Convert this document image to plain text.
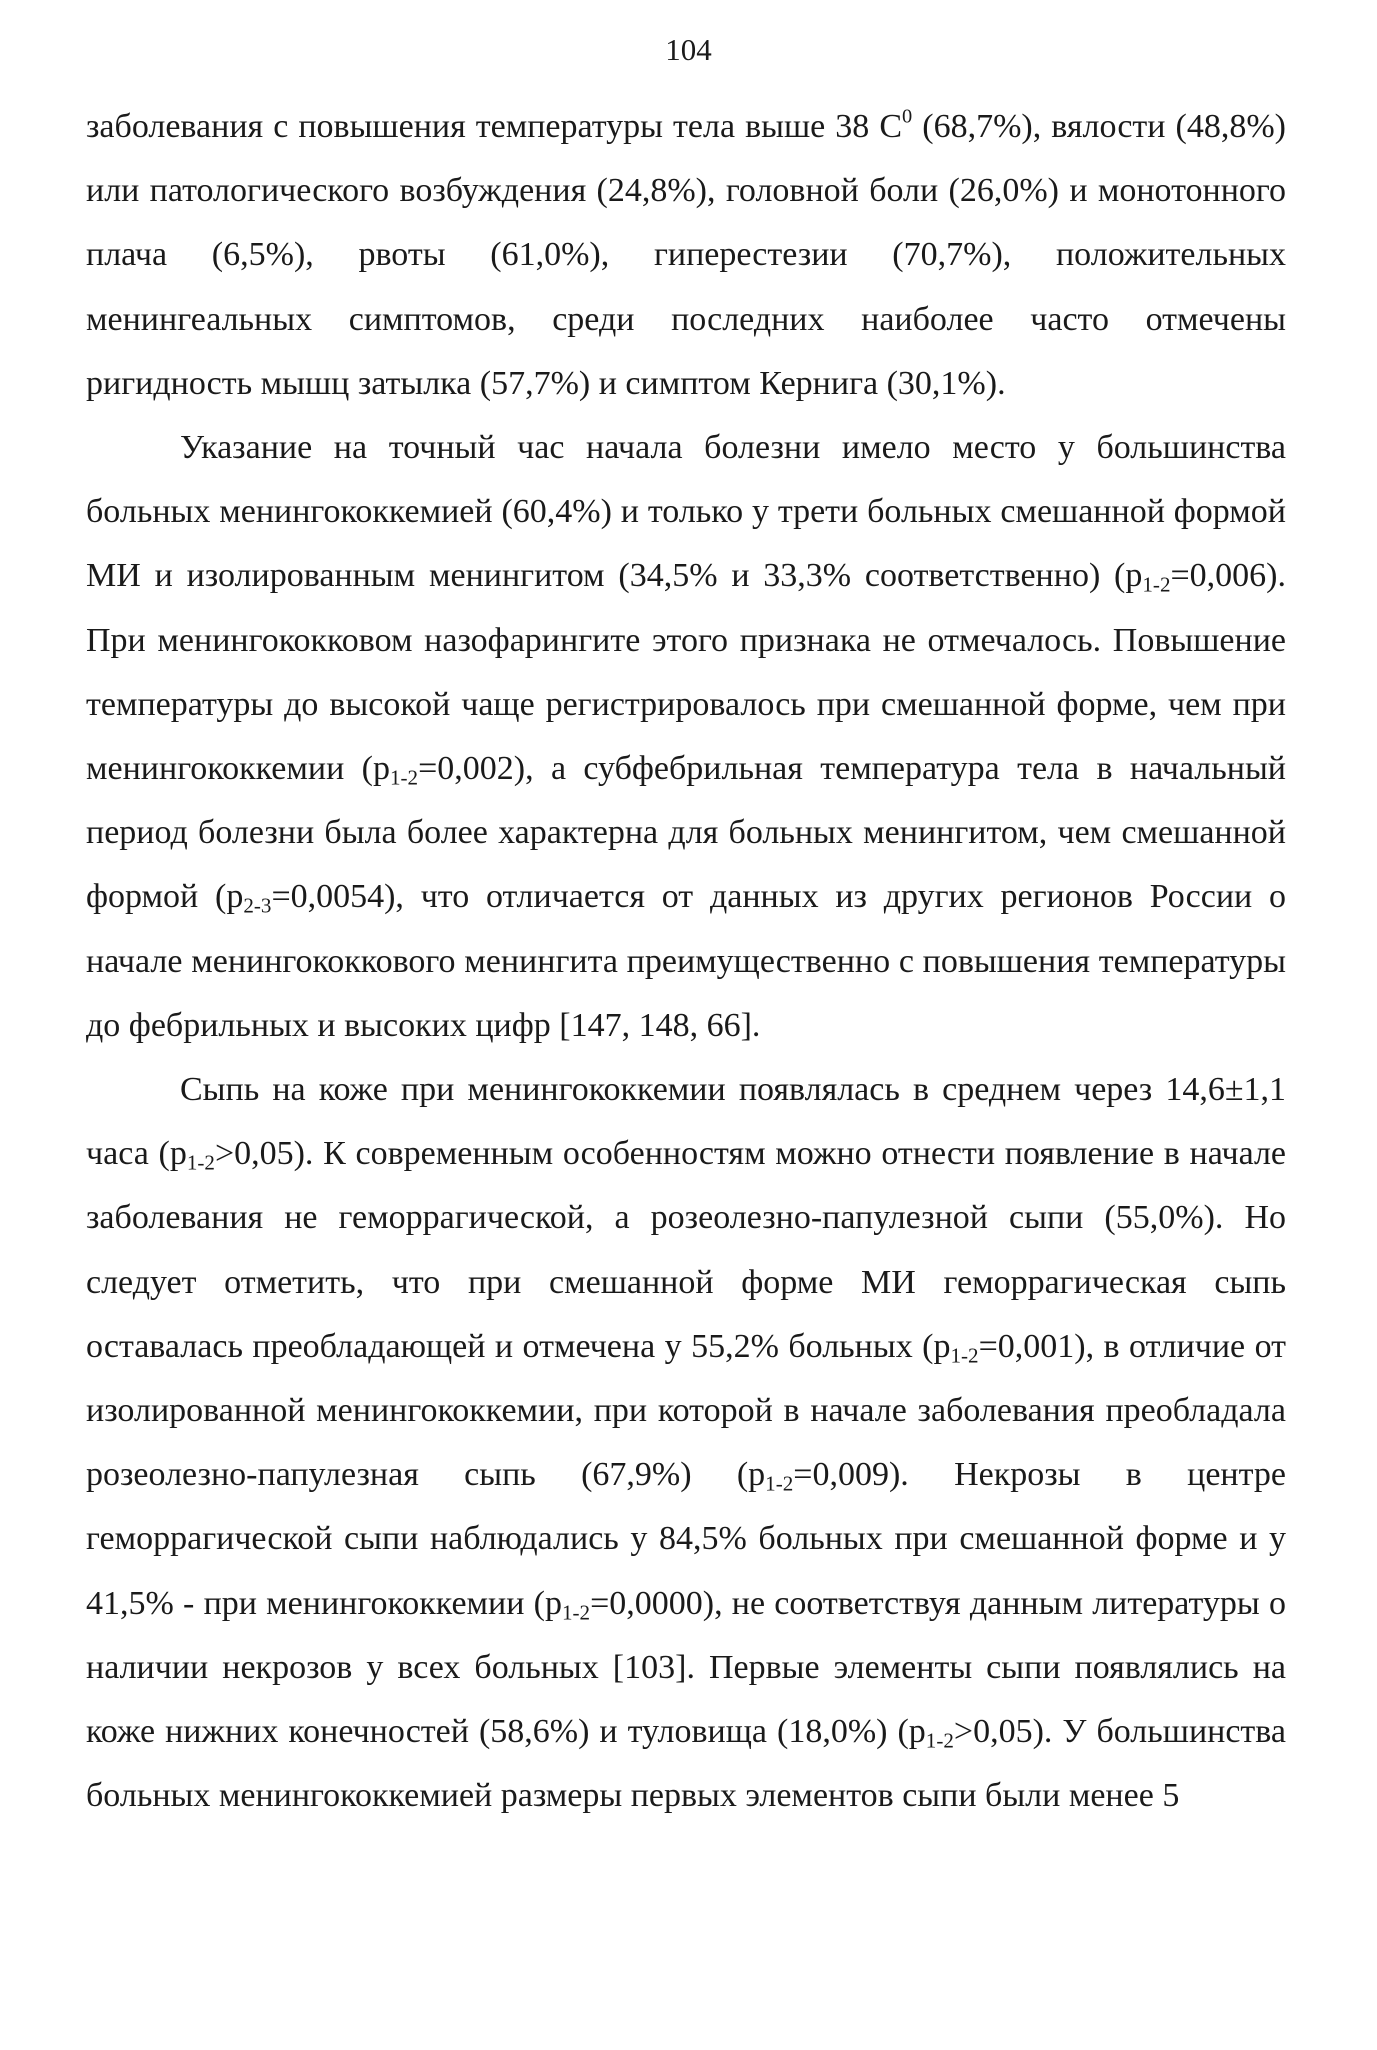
104

заболевания с повышения температуры тела выше 38 $С^0$ (68,7%), вялости (48,8%) или патологического возбуждения (24,8%), головной боли (26,0%) и монотонного плача (6,5%), рвоты (61,0%), гиперестезии (70,7%), положительных менингеальных симптомов, среди последних наиболее часто отмечены ригидность мышц затылка (57,7%) и симптом Кернига (30,1%).

Указание на точный час начала болезни имело место у большинства больных менингококкемией (60,4%) и только у трети больных смешанной формой МИ и изолированным менингитом (34,5% и 33,3% соответственно) $(p_{1-2}=0,006)$. При менингококковом назофарингите этого признака не отмечалось. Повышение температуры до высокой чаще регистрировалось при смешанной форме, чем при менингококкемии $(p_{1-2}=0,002)$, а субфебрильная температура тела в начальный период болезни была более характерна для больных менингитом, чем смешанной формой $(p_{2-3}=0,0054)$, что отличается от данных из других регионов России о начале менингококкового менингита преимущественно с повышения температуры до фебрильных и высоких цифр [147, 148, 66].

Сыпь на коже при менингококкемии появлялась в среднем через 14,6±1,1 часа $(p_{1-2}>0,05)$. К современным особенностям можно отнести появление в начале заболевания не геморрагической, а розеолезно-папулезной сыпи (55,0%). Но следует отметить, что при смешанной форме МИ геморрагическая сыпь оставалась преобладающей и отмечена у 55,2% больных $(p_{1-2}=0,001)$, в отличие от изолированной менингококкемии, при которой в начале заболевания преобладала розеолезно-папулезная сыпь (67,9%) $(p_{1-2}=0,009)$. Некрозы в центре геморрагической сыпи наблюдались у 84,5% больных при смешанной форме и у 41,5% - при менингококкемии $(p_{1-2}=0,0000)$, не соответствуя данным литературы о наличии некрозов у всех больных [103]. Первые элементы сыпи появлялись на коже нижних конечностей (58,6%) и туловища (18,0%) $(p_{1-2}>0,05)$. У большинства больных менингококкемией размеры первых элементов сыпи были менее 5
